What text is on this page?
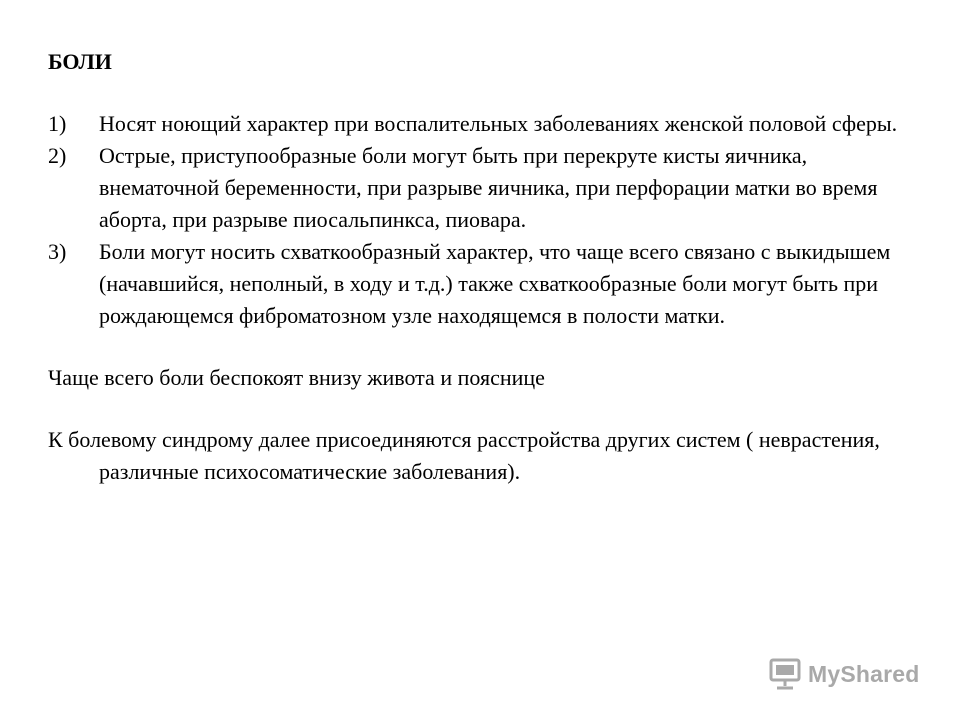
БОЛИ
1) Носят ноющий характер при воспалительных заболеваниях женской половой сферы.
2) Острые, приступообразные боли могут быть при перекруте кисты яичника, внематочной беременности, при разрыве яичника, при перфорации матки во время аборта, при разрыве пиосальпинкса, пиовара.
3) Боли могут носить схваткообразный характер, что чаще всего связано с выкидышем (начавшийся, неполный, в ходу и т.д.) также схваткообразные боли могут быть при рождающемся фиброматозном узле находящемся в полости матки.

Чаще всего боли беспокоят внизу живота и пояснице

К болевому синдрому далее присоединяются расстройства других систем ( неврастения, различные психосоматические заболевания).

MyShared
